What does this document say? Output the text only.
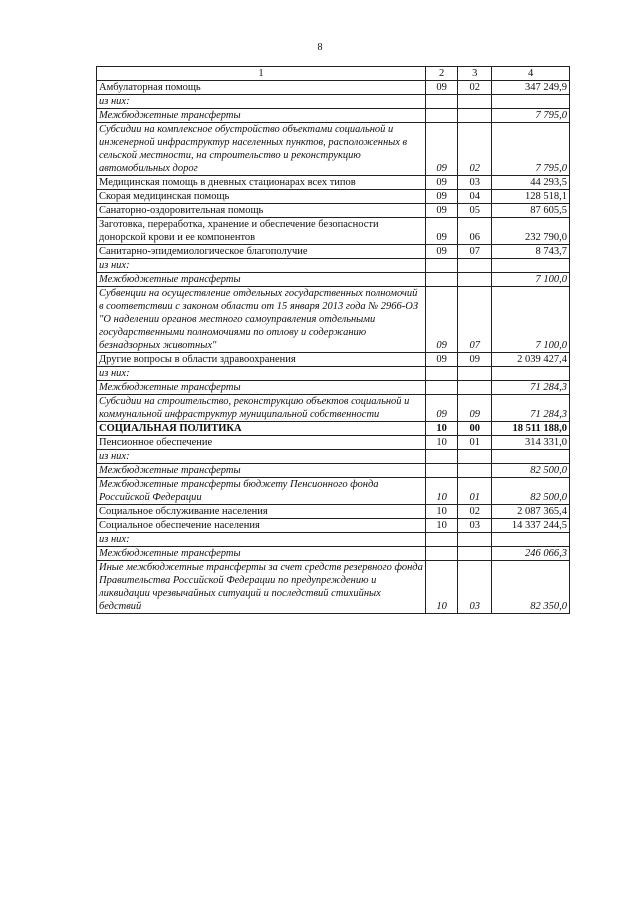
8
1	2	3	4
Амбулаторная помощь	09	02	347 249,9
из них:			
Межбюджетные трансферты			7 795,0
Субсидии на комплексное обустройство объектами социальной и инженерной инфраструктур населенных пунктов, расположенных в сельской местности, на строительство и реконструкцию автомобильных дорог	09	02	7 795,0
Медицинская помощь в дневных стационарах всех типов	09	03	44 293,5
Скорая медицинская помощь	09	04	128 518,1
Санаторно-оздоровительная помощь	09	05	87 605,5
Заготовка, переработка, хранение и обеспечение безопасности донорской крови и ее компонентов	09	06	232 790,0
Санитарно-эпидемиологическое благополучие	09	07	8 743,7
из них:			
Межбюджетные трансферты			7 100,0
Субвенции на осуществление отдельных государственных полномочий в соответствии с законом области от 15 января 2013 года № 2966-ОЗ "О наделении органов местного самоуправления отдельными государственными полномочиями по отлову и содержанию безнадзорных животных"	09	07	7 100,0
Другие вопросы в области здравоохранения	09	09	2 039 427,4
из них:			
Межбюджетные трансферты			71 284,3
Субсидии на строительство, реконструкцию объектов социальной и коммунальной инфраструктур муниципальной собственности	09	09	71 284,3
СОЦИАЛЬНАЯ ПОЛИТИКА	10	00	18 511 188,0
Пенсионное обеспечение	10	01	314 331,0
из них:			
Межбюджетные трансферты			82 500,0
Межбюджетные трансферты бюджету Пенсионного фонда Российской Федерации	10	01	82 500,0
Социальное обслуживание населения	10	02	2 087 365,4
Социальное обеспечение населения	10	03	14 337 244,5
из них:			
Межбюджетные трансферты			246 066,3
Иные межбюджетные трансферты за счет средств резервного фонда Правительства Российской Федерации по предупреждению и ликвидации чрезвычайных ситуаций и последствий стихийных бедствий	10	03	82 350,0
